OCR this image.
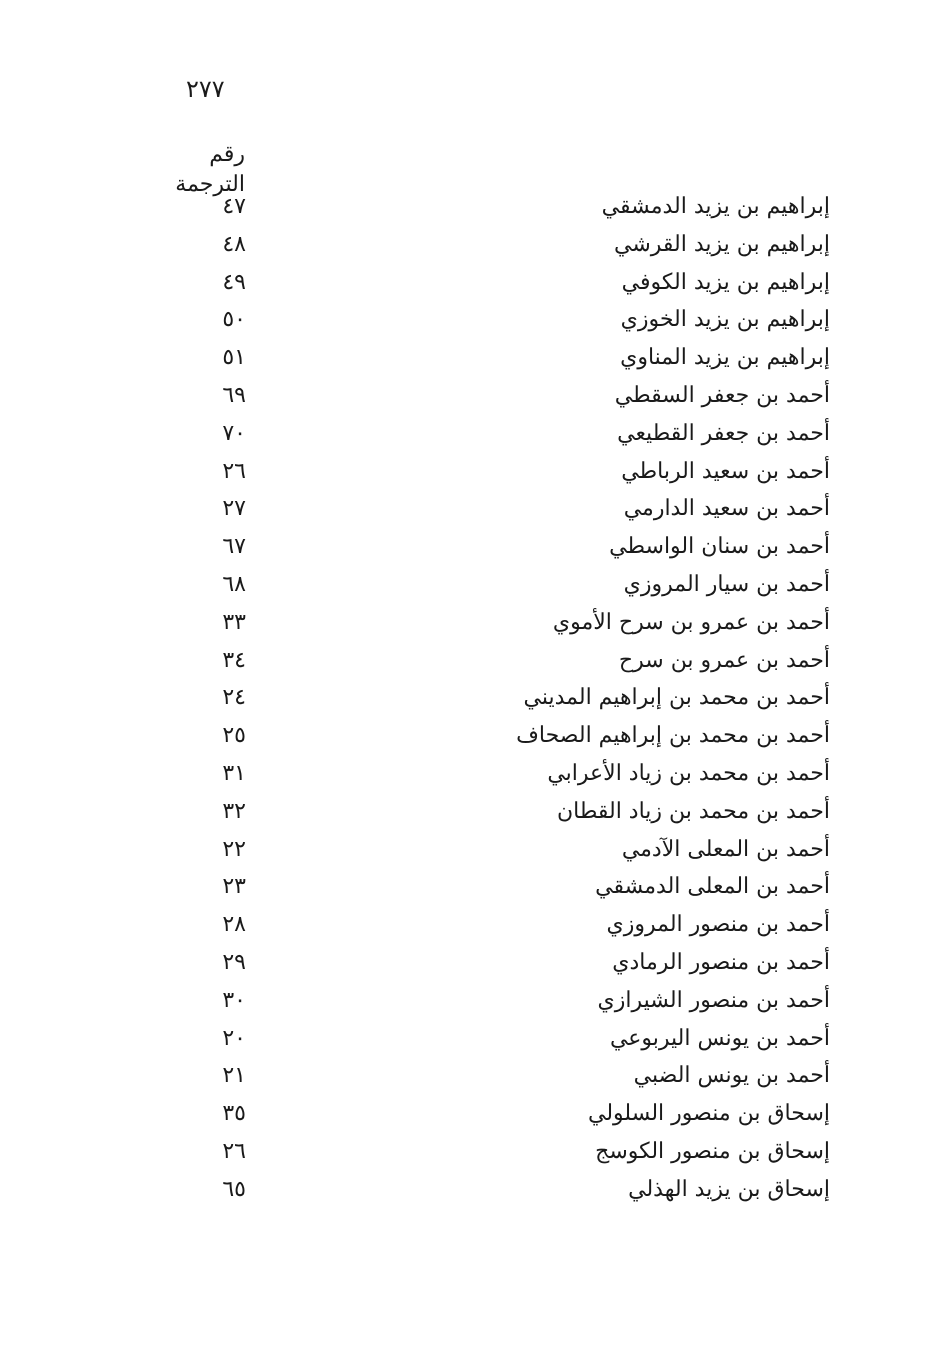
٢٧٧
رقم الترجمة
إبراهيم بن يزيد الدمشقي
٤٧
إبراهيم بن يزيد القرشي
٤٨
إبراهيم بن يزيد الكوفي
٤٩
إبراهيم بن يزيد الخوزي
٥٠
إبراهيم بن يزيد المناوي
٥١
أحمد بن جعفر السقطي
٦٩
أحمد بن جعفر القطيعي
٧٠
أحمد بن سعيد الرباطي
٢٦
أحمد بن سعيد الدارمي
٢٧
أحمد بن سنان الواسطي
٦٧
أحمد بن سيار المروزي
٦٨
أحمد بن عمرو بن سرح الأموي
٣٣
أحمد بن عمرو بن سرح
٣٤
أحمد بن محمد بن إبراهيم المديني
٢٤
أحمد بن محمد بن إبراهيم الصحاف
٢٥
أحمد بن محمد بن زياد الأعرابي
٣١
أحمد بن محمد بن زياد القطان
٣٢
أحمد بن المعلى الآدمي
٢٢
أحمد بن المعلى الدمشقي
٢٣
أحمد بن منصور المروزي
٢٨
أحمد بن منصور الرمادي
٢٩
أحمد بن منصور الشيرازي
٣٠
أحمد بن يونس اليربوعي
٢٠
أحمد بن يونس الضبي
٢١
إسحاق بن منصور السلولي
٣٥
إسحاق بن منصور الكوسج
٢٦
إسحاق بن يزيد الهذلي
٦٥
